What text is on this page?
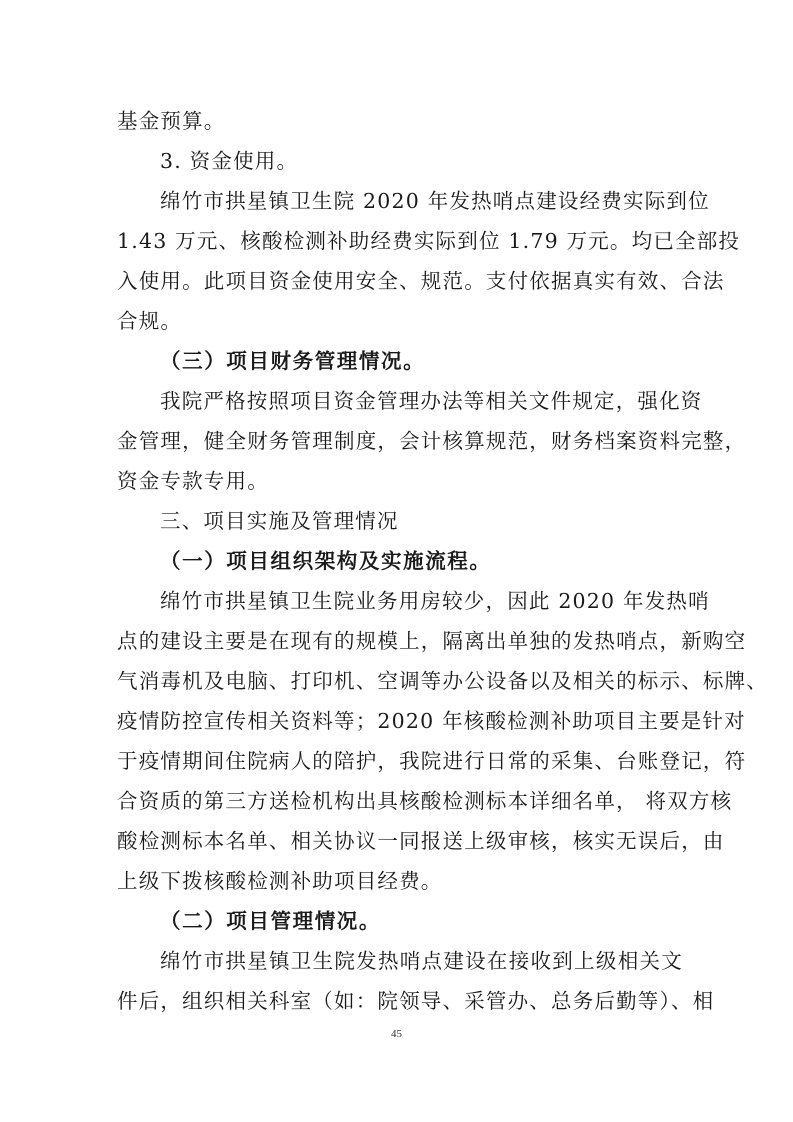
基金预算。
3. 资金使用。
绵竹市拱星镇卫生院 2020 年发热哨点建设经费实际到位
1.43 万元、核酸检测补助经费实际到位 1.79 万元。均已全部投
入使用。此项目资金使用安全、规范。支付依据真实有效、合法
合规。
（三）项目财务管理情况。
我院严格按照项目资金管理办法等相关文件规定，强化资
金管理，健全财务管理制度，会计核算规范，财务档案资料完整，
资金专款专用。
三、项目实施及管理情况
（一）项目组织架构及实施流程。
绵竹市拱星镇卫生院业务用房较少，因此 2020 年发热哨
点的建设主要是在现有的规模上，隔离出单独的发热哨点，新购空
气消毒机及电脑、打印机、空调等办公设备以及相关的标示、标牌、
疫情防控宣传相关资料等；2020 年核酸检测补助项目主要是针对
于疫情期间住院病人的陪护，我院进行日常的采集、台账登记，符
合资质的第三方送检机构出具核酸检测标本详细名单， 将双方核
酸检测标本名单、相关协议一同报送上级审核，核实无误后，由
上级下拨核酸检测补助项目经费。
（二）项目管理情况。
绵竹市拱星镇卫生院发热哨点建设在接收到上级相关文
件后，组织相关科室（如：院领导、采管办、总务后勤等）、相
45
